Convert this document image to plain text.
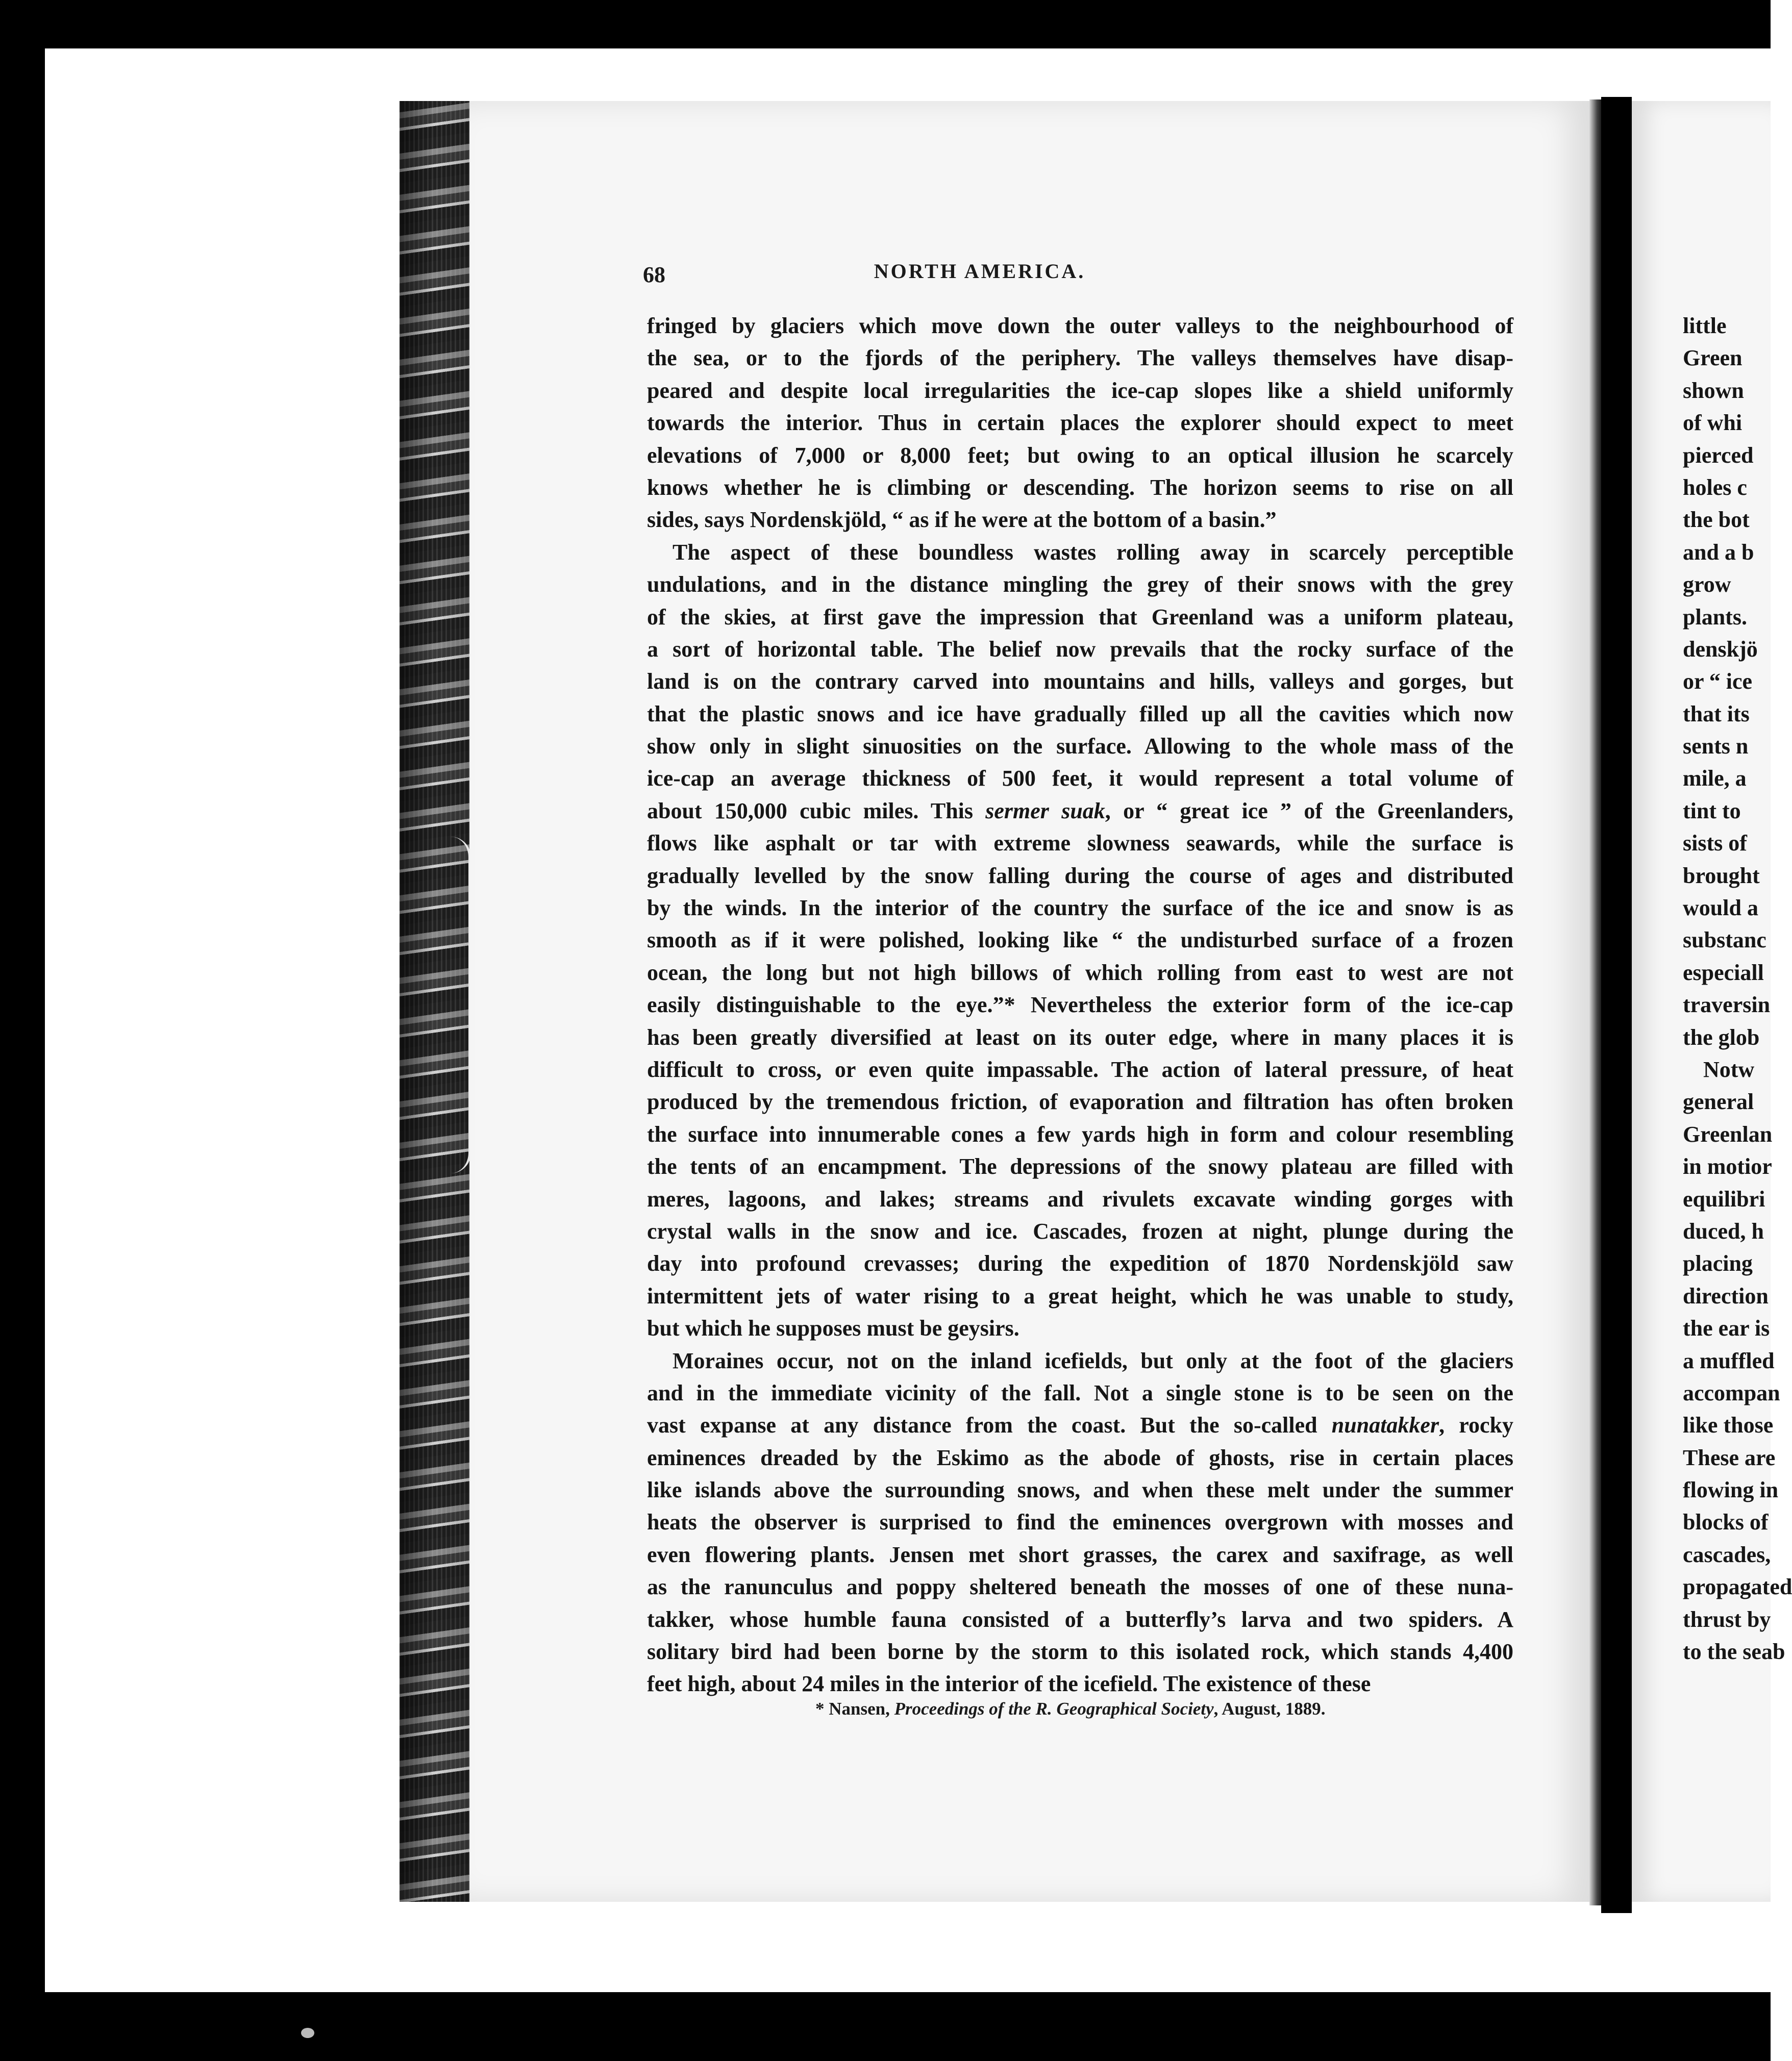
68	NORTH AMERICA.
fringed by glaciers which move down the outer valleys to the neighbourhood of
the sea, or to the fjords of the periphery. The valleys themselves have disap-
peared and despite local irregularities the ice-cap slopes like a shield uniformly
towards the interior. Thus in certain places the explorer should expect to meet
elevations of 7,000 or 8,000 feet; but owing to an optical illusion he scarcely
knows whether he is climbing or descending. The horizon seems to rise on all
sides, says Nordenskjöld, “ as if he were at the bottom of a basin.”
The aspect of these boundless wastes rolling away in scarcely perceptible
undulations, and in the distance mingling the grey of their snows with the grey
of the skies, at first gave the impression that Greenland was a uniform plateau,
a sort of horizontal table. The belief now prevails that the rocky surface of the
land is on the contrary carved into mountains and hills, valleys and gorges, but
that the plastic snows and ice have gradually filled up all the cavities which now
show only in slight sinuosities on the surface. Allowing to the whole mass of the
ice-cap an average thickness of 500 feet, it would represent a total volume of
about 150,000 cubic miles. This sermer suak, or “ great ice ” of the Greenlanders,
flows like asphalt or tar with extreme slowness seawards, while the surface is
gradually levelled by the snow falling during the course of ages and distributed
by the winds. In the interior of the country the surface of the ice and snow is as
smooth as if it were polished, looking like “ the undisturbed surface of a frozen
ocean, the long but not high billows of which rolling from east to west are not
easily distinguishable to the eye.”* Nevertheless the exterior form of the ice-cap
has been greatly diversified at least on its outer edge, where in many places it is
difficult to cross, or even quite impassable. The action of lateral pressure, of heat
produced by the tremendous friction, of evaporation and filtration has often broken
the surface into innumerable cones a few yards high in form and colour resembling
the tents of an encampment. The depressions of the snowy plateau are filled with
meres, lagoons, and lakes; streams and rivulets excavate winding gorges with
crystal walls in the snow and ice. Cascades, frozen at night, plunge during the
day into profound crevasses; during the expedition of 1870 Nordenskjöld saw
intermittent jets of water rising to a great height, which he was unable to study,
but which he supposes must be geysirs.
Moraines occur, not on the inland icefields, but only at the foot of the glaciers
and in the immediate vicinity of the fall. Not a single stone is to be seen on the
vast expanse at any distance from the coast. But the so-called nunatakker, rocky
eminences dreaded by the Eskimo as the abode of ghosts, rise in certain places
like islands above the surrounding snows, and when these melt under the summer
heats the observer is surprised to find the eminences overgrown with mosses and
even flowering plants. Jensen met short grasses, the carex and saxifrage, as well
as the ranunculus and poppy sheltered beneath the mosses of one of these nuna-
takker, whose humble fauna consisted of a butterfly’s larva and two spiders. A
solitary bird had been borne by the storm to this isolated rock, which stands 4,400
feet high, about 24 miles in the interior of the icefield. The existence of these
* Nansen, Proceedings of the R. Geographical Society, August, 1889.
little
Green
shown
of whi
pierced
holes c
the bot
and a b
grow
plants.
denskjö
or “ ice
that its
sents n
mile, a
tint to
sists of
brought
would a
substanc
especiall
traversin
the glob
Notw
general
Greenlan
in motior
equilibri
duced, h
placing
direction
the ear is
a muffled
accompan
like those
These are
flowing in
blocks of
cascades,
propagated
thrust by
to the seab
